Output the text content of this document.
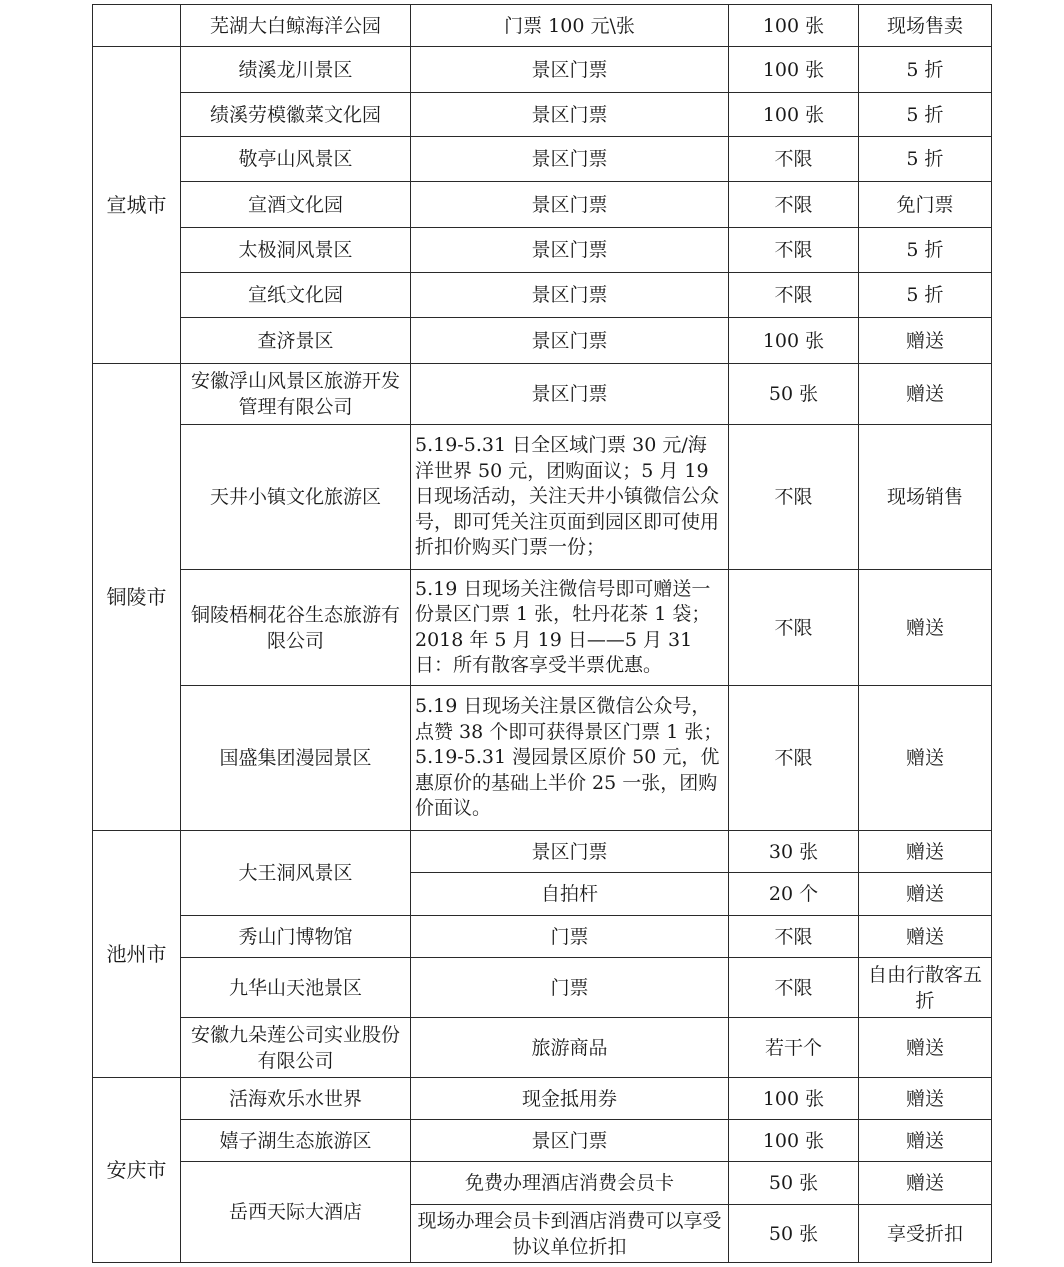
	芜湖大白鲸海洋公园	门票 100 元\张	100 张	现场售卖
宣城市	绩溪龙川景区	景区门票	100 张	5 折
	绩溪劳模徽菜文化园	景区门票	100 张	5 折
	敬亭山风景区	景区门票	不限	5 折
	宣酒文化园	景区门票	不限	免门票
	太极洞风景区	景区门票	不限	5 折
	宣纸文化园	景区门票	不限	5 折
	查济景区	景区门票	100 张	赠送
铜陵市	安徽浮山风景区旅游开发管理有限公司	景区门票	50 张	赠送
	天井小镇文化旅游区	5.19-5.31 日全区域门票 30 元/海洋世界 50 元，团购面议；5 月 19 日现场活动，关注天井小镇微信公众号，即可凭关注页面到园区即可使用折扣价购买门票一份；	不限	现场销售
	铜陵梧桐花谷生态旅游有限公司	5.19 日现场关注微信号即可赠送一份景区门票 1 张，牡丹花茶 1 袋；2018 年 5 月 19 日——5 月 31 日：所有散客享受半票优惠。	不限	赠送
	国盛集团漫园景区	5.19 日现场关注景区微信公众号，点赞 38 个即可获得景区门票 1 张；5.19-5.31 漫园景区原价 50 元，优惠原价的基础上半价 25 一张，团购价面议。	不限	赠送
池州市	大王洞风景区	景区门票	30 张	赠送
		自拍杆	20 个	赠送
	秀山门博物馆	门票	不限	赠送
	九华山天池景区	门票	不限	自由行散客五折
	安徽九朵莲公司实业股份有限公司	旅游商品	若干个	赠送
安庆市	活海欢乐水世界	现金抵用券	100 张	赠送
	嬉子湖生态旅游区	景区门票	100 张	赠送
	岳西天际大酒店	免费办理酒店消费会员卡	50 张	赠送
		现场办理会员卡到酒店消费可以享受协议单位折扣	50 张	享受折扣
